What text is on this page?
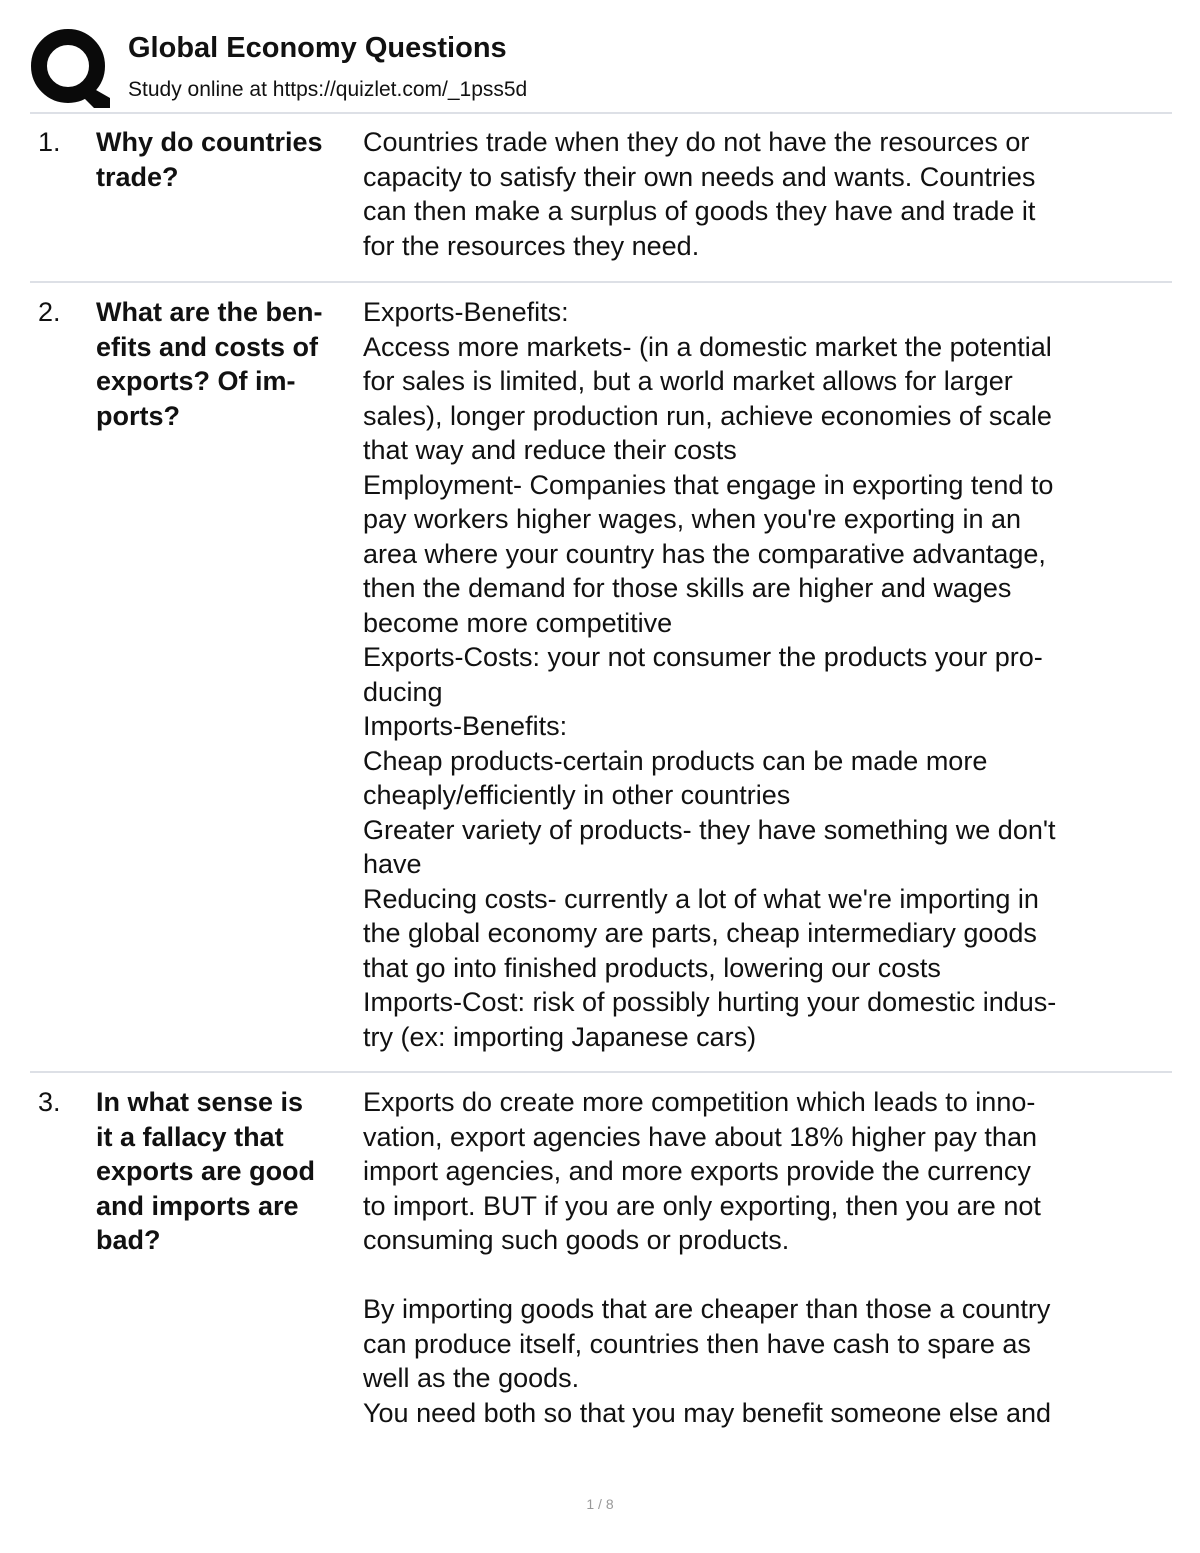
Global Economy Questions
Study online at https://quizlet.com/_1pss5d
1. Why do countries
trade?
Countries trade when they do not have the resources or
capacity to satisfy their own needs and wants. Countries
can then make a surplus of goods they have and trade it
for the resources they need.
2. What are the ben-
efits and costs of
exports? Of im-
ports?
Exports-Benefits:
Access more markets- (in a domestic market the potential
for sales is limited, but a world market allows for larger
sales), longer production run, achieve economies of scale
that way and reduce their costs
Employment- Companies that engage in exporting tend to
pay workers higher wages, when you're exporting in an
area where your country has the comparative advantage,
then the demand for those skills are higher and wages
become more competitive
Exports-Costs: your not consumer the products your pro-
ducing
Imports-Benefits:
Cheap products-certain products can be made more
cheaply/efficiently in other countries
Greater variety of products- they have something we don't
have
Reducing costs- currently a lot of what we're importing in
the global economy are parts, cheap intermediary goods
that go into finished products, lowering our costs
Imports-Cost: risk of possibly hurting your domestic indus-
try (ex: importing Japanese cars)
3. In what sense is
it a fallacy that
exports are good
and imports are
bad?
Exports do create more competition which leads to inno-
vation, export agencies have about 18% higher pay than
import agencies, and more exports provide the currency
to import. BUT if you are only exporting, then you are not
consuming such goods or products.
By importing goods that are cheaper than those a country
can produce itself, countries then have cash to spare as
well as the goods.
You need both so that you may benefit someone else and
1 / 8
